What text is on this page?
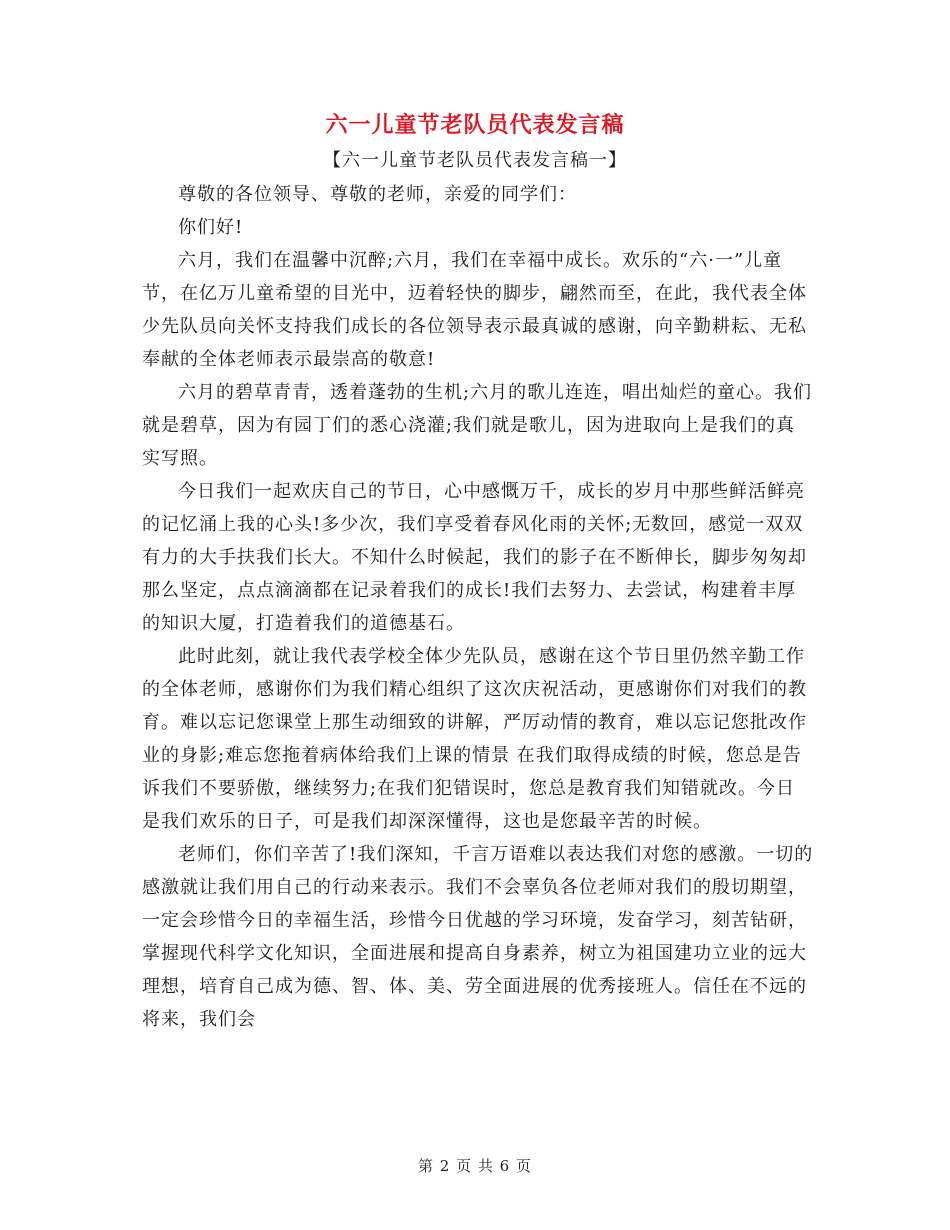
六一儿童节老队员代表发言稿
【六一儿童节老队员代表发言稿一】

尊敬的各位领导、尊敬的老师，亲爱的同学们：

你们好!

六月，我们在温馨中沉醉;六月，我们在幸福中成长。欢乐的“六·一”儿童节，在亿万儿童希望的目光中，迈着轻快的脚步，翩然而至，在此，我代表全体少先队员向关怀支持我们成长的各位领导表示最真诚的感谢，向辛勤耕耘、无私奉献的全体老师表示最崇高的敬意!

六月的碧草青青，透着蓬勃的生机;六月的歌儿连连，唱出灿烂的童心。我们就是碧草，因为有园丁们的悉心浇灌;我们就是歌儿，因为进取向上是我们的真实写照。

今日我们一起欢庆自己的节日，心中感慨万千，成长的岁月中那些鲜活鲜亮的记忆涌上我的心头!多少次，我们享受着春风化雨的关怀;无数回，感觉一双双有力的大手扶我们长大。不知什么时候起，我们的影子在不断伸长，脚步匆匆却那么坚定，点点滴滴都在记录着我们的成长!我们去努力、去尝试，构建着丰厚的知识大厦，打造着我们的道德基石。

此时此刻，就让我代表学校全体少先队员，感谢在这个节日里仍然辛勤工作的全体老师，感谢你们为我们精心组织了这次庆祝活动，更感谢你们对我们的教育。难以忘记您课堂上那生动细致的讲解，严厉动情的教育，难以忘记您批改作业的身影;难忘您拖着病体给我们上课的情景 在我们取得成绩的时候，您总是告诉我们不要骄傲，继续努力;在我们犯错误时，您总是教育我们知错就改。今日是我们欢乐的日子，可是我们却深深懂得，这也是您最辛苦的时候。

老师们，你们辛苦了!我们深知，千言万语难以表达我们对您的感激。一切的感激就让我们用自己的行动来表示。我们不会辜负各位老师对我们的殷切期望，一定会珍惜今日的幸福生活，珍惜今日优越的学习环境，发奋学习，刻苦钻研，掌握现代科学文化知识，全面进展和提高自身素养，树立为祖国建功立业的远大理想，培育自己成为德、智、体、美、劳全面进展的优秀接班人。信任在不远的将来，我们会

第 2 页 共 6 页
